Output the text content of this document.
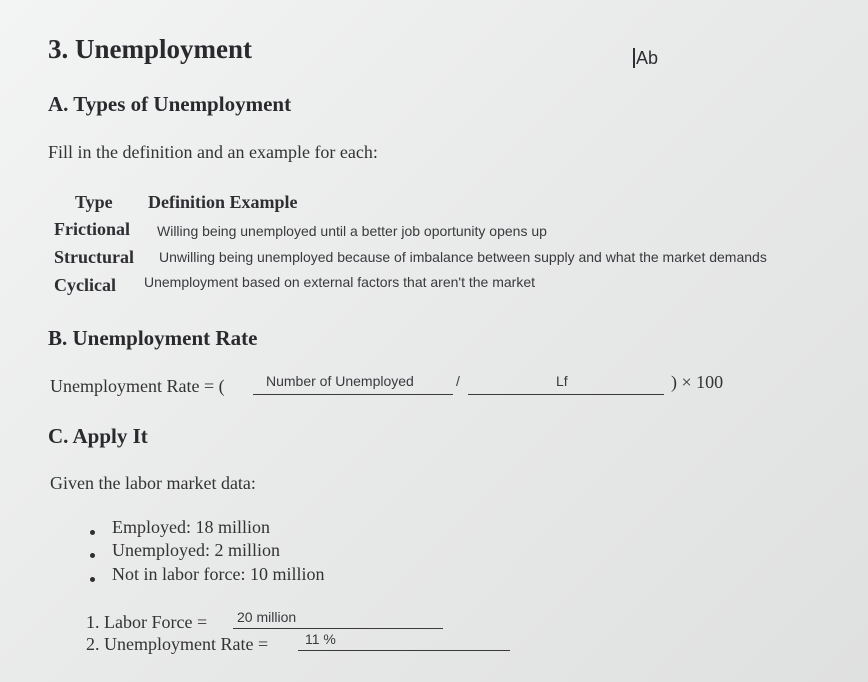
3. Unemployment	Ab
A. Types of Unemployment
Fill in the definition and an example for each:
Type Definition Example
Frictional Willing being unemployed until a better job oportunity opens up
Structural Unwilling being unemployed because of imbalance between supply and what the market demands
Cyclical Unemployment based on external factors that aren't the market
B. Unemployment Rate
Unemployment Rate = (	Number of Unemployed	/	Lf	) × 100
C. Apply It
Given the labor market data:
Employed: 18 million
Unemployed: 2 million
Not in labor force: 10 million
1. Labor Force = 20 million
2. Unemployment Rate =	11 %
